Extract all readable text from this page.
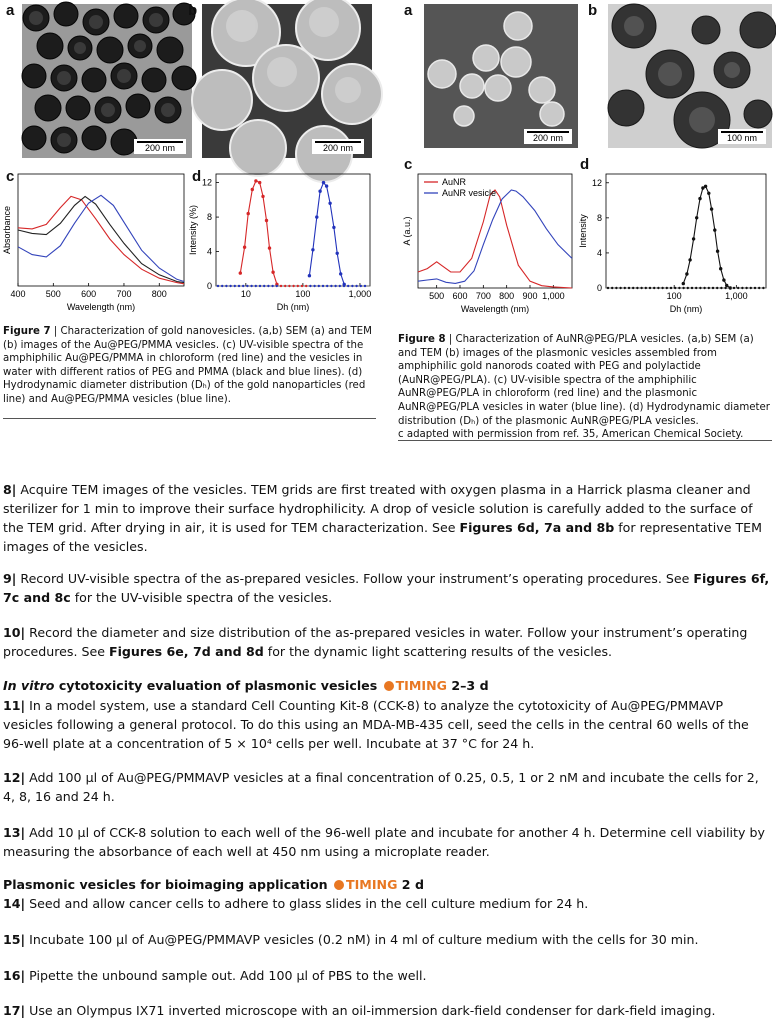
a
200 nm
b
200 nm
c
400 500 600 700 800
Wavelength (nm)
Absorbance
d
10	100	1,000
0
4
8
12
Dh (nm)
Intensity (%)
Figure 7 | Characterization of gold nanovesicles. (a,b) SEM (a) and TEM (b) images of the Au@PEG/PMMA vesicles. (c) UV-visible spectra of the amphiphilic Au@PEG/PMMA in chloroform (red line) and the vesicles in water with different ratios of PEG and PMMA (black and blue lines). (d) Hydrodynamic diameter distribution (Dₕ) of the gold nanoparticles (red line) and Au@PEG/PMMA vesicles (blue line).
a
200 nm
b
100 nm
c
500 600 700 800 900 1,000
Wavelength (nm)
A (a.u.)
AuNR
AuNR vesicle
d
100	1,000
0
4
8
12
Dh (nm)
Intensity
Figure 8 | Characterization of AuNR@PEG/PLA vesicles. (a,b) SEM (a) and TEM (b) images of the plasmonic vesicles assembled from amphiphilic gold nanorods coated with PEG and polylactide (AuNR@PEG/PLA). (c) UV-visible spectra of the amphiphilic AuNR@PEG/PLA in chloroform (red line) and the plasmonic AuNR@PEG/PLA vesicles in water (blue line). (d) Hydrodynamic diameter distribution (Dₕ) of the plasmonic AuNR@PEG/PLA vesicles.
c adapted with permission from ref. 35, American Chemical Society.
8| Acquire TEM images of the vesicles. TEM grids are first treated with oxygen plasma in a Harrick plasma cleaner and sterilizer for 1 min to improve their surface hydrophilicity. A drop of vesicle solution is carefully added to the surface of the TEM grid. After drying in air, it is used for TEM characterization. See Figures 6d, 7a and 8b for representative TEM images of the vesicles.
9| Record UV-visible spectra of the as-prepared vesicles. Follow your instrument’s operating procedures. See Figures 6f, 7c and 8c for the UV-visible spectra of the vesicles.
10| Record the diameter and size distribution of the as-prepared vesicles in water. Follow your instrument’s operating procedures. See Figures 6e, 7d and 8d for the dynamic light scattering results of the vesicles.
In vitro cytotoxicity evaluation of plasmonic vesicles TIMING 2–3 d
11| In a model system, use a standard Cell Counting Kit-8 (CCK-8) to analyze the cytotoxicity of Au@PEG/PMMAVP vesicles following a general protocol. To do this using an MDA-MB-435 cell, seed the cells in the central 60 wells of the 96-well plate at a concentration of 5 × 10⁴ cells per well. Incubate at 37 °C for 24 h.
12| Add 100 µl of Au@PEG/PMMAVP vesicles at a final concentration of 0.25, 0.5, 1 or 2 nM and incubate the cells for 2, 4, 8, 16 and 24 h.
13| Add 10 µl of CCK-8 solution to each well of the 96-well plate and incubate for another 4 h. Determine cell viability by measuring the absorbance of each well at 450 nm using a microplate reader.
Plasmonic vesicles for bioimaging application TIMING 2 d
14| Seed and allow cancer cells to adhere to glass slides in the cell culture medium for 24 h.
15| Incubate 100 µl of Au@PEG/PMMAVP vesicles (0.2 nM) in 4 ml of culture medium with the cells for 30 min.
16| Pipette the unbound sample out. Add 100 µl of PBS to the well.
17| Use an Olympus IX71 inverted microscope with an oil-immersion dark-field condenser for dark-field imaging.
